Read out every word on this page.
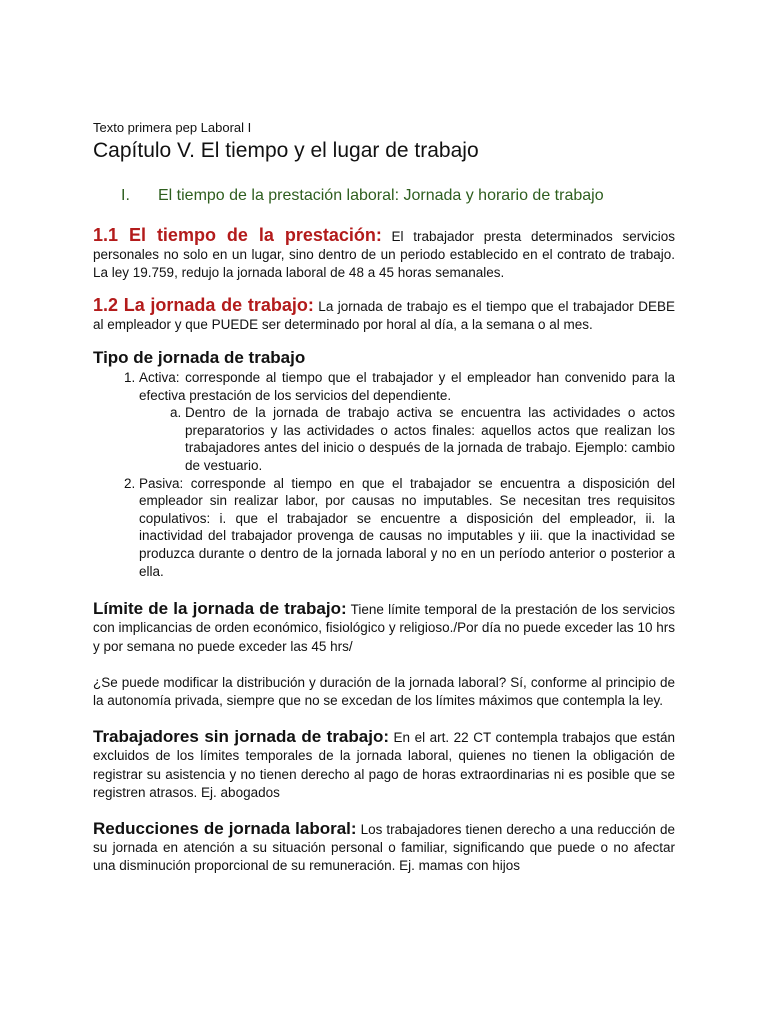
Texto primera pep Laboral I
Capítulo V. El tiempo y el lugar de trabajo
I.	El tiempo de la prestación laboral: Jornada y horario de trabajo

1.1 El tiempo de la prestación: El trabajador presta determinados servicios personales no solo en un lugar, sino dentro de un periodo establecido en el contrato de trabajo. La ley 19.759, redujo la jornada laboral de 48 a 45 horas semanales.

1.2 La jornada de trabajo: La jornada de trabajo es el tiempo que el trabajador DEBE al empleador y que PUEDE ser determinado por horal al día, a la semana o al mes.

Tipo de jornada de trabajo
1. Activa: corresponde al tiempo que el trabajador y el empleador han convenido para la efectiva prestación de los servicios del dependiente.
a. Dentro de la jornada de trabajo activa se encuentra las actividades o actos preparatorios y las actividades o actos finales: aquellos actos que realizan los trabajadores antes del inicio o después de la jornada de trabajo. Ejemplo: cambio de vestuario.
2. Pasiva: corresponde al tiempo en que el trabajador se encuentra a disposición del empleador sin realizar labor, por causas no imputables. Se necesitan tres requisitos copulativos: i. que el trabajador se encuentre a disposición del empleador, ii. la inactividad del trabajador provenga de causas no imputables y iii. que la inactividad se produzca durante o dentro de la jornada laboral y no en un período anterior o posterior a ella.

Límite de la jornada de trabajo: Tiene límite temporal de la prestación de los servicios con implicancias de orden económico, fisiológico y religioso./Por día no puede exceder las 10 hrs y por semana no puede exceder las 45 hrs/

¿Se puede modificar la distribución y duración de la jornada laboral? Sí, conforme al principio de la autonomía privada, siempre que no se excedan de los límites máximos que contempla la ley.

Trabajadores sin jornada de trabajo: En el art. 22 CT contempla trabajos que están excluidos de los límites temporales de la jornada laboral, quienes no tienen la obligación de registrar su asistencia y no tienen derecho al pago de horas extraordinarias ni es posible que se registren atrasos. Ej. abogados

Reducciones de jornada laboral: Los trabajadores tienen derecho a una reducción de su jornada en atención a su situación personal o familiar, significando que puede o no afectar una disminución proporcional de su remuneración. Ej. mamas con hijos
